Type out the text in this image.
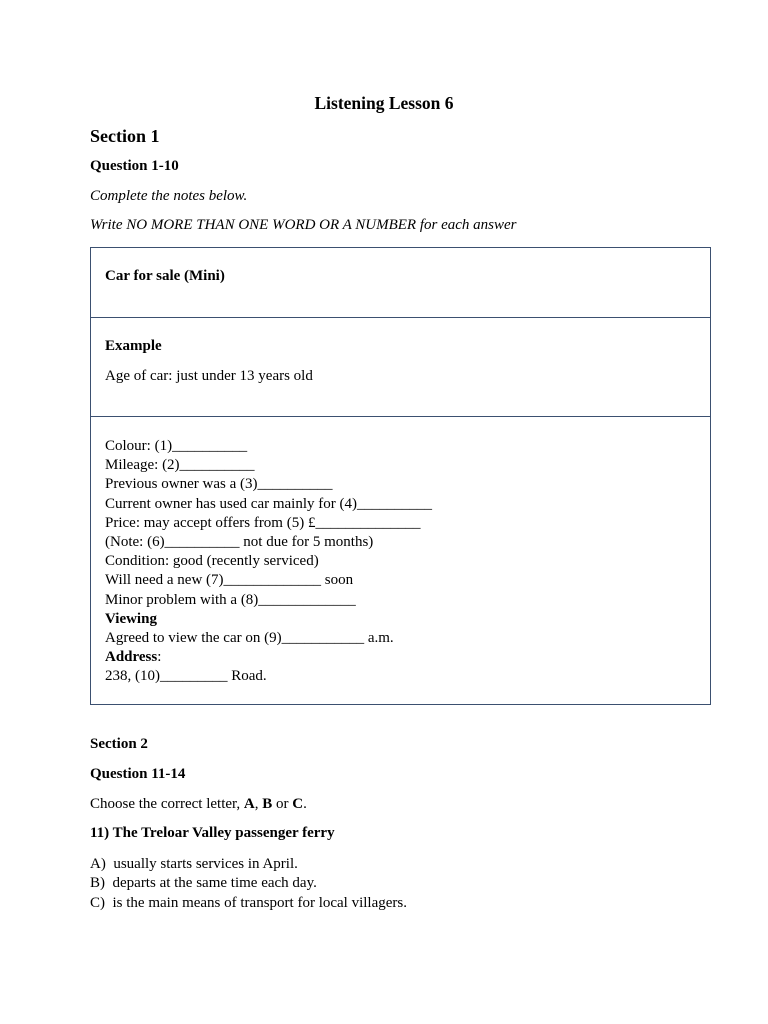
Listening Lesson 6
Section 1
Question 1-10
Complete the notes below.
Write NO MORE THAN ONE WORD OR A NUMBER for each answer
Car for sale (Mini)
Example
Age of car: just under 13 years old
Colour: (1)__________
Mileage: (2)__________
Previous owner was a (3)__________
Current owner has used car mainly for (4)__________
Price: may accept offers from (5) £______________
(Note: (6)__________ not due for 5 months)
Condition: good (recently serviced)
Will need a new (7)_____________ soon
Minor problem with a (8)_____________
Viewing
Agreed to view the car on (9)___________ a.m.
Address:
238, (10)_________ Road.
Section 2
Question 11-14
Choose the correct letter, A, B or C.
11) The Treloar Valley passenger ferry
A)  usually starts services in April.
B)  departs at the same time each day.
C)  is the main means of transport for local villagers.
